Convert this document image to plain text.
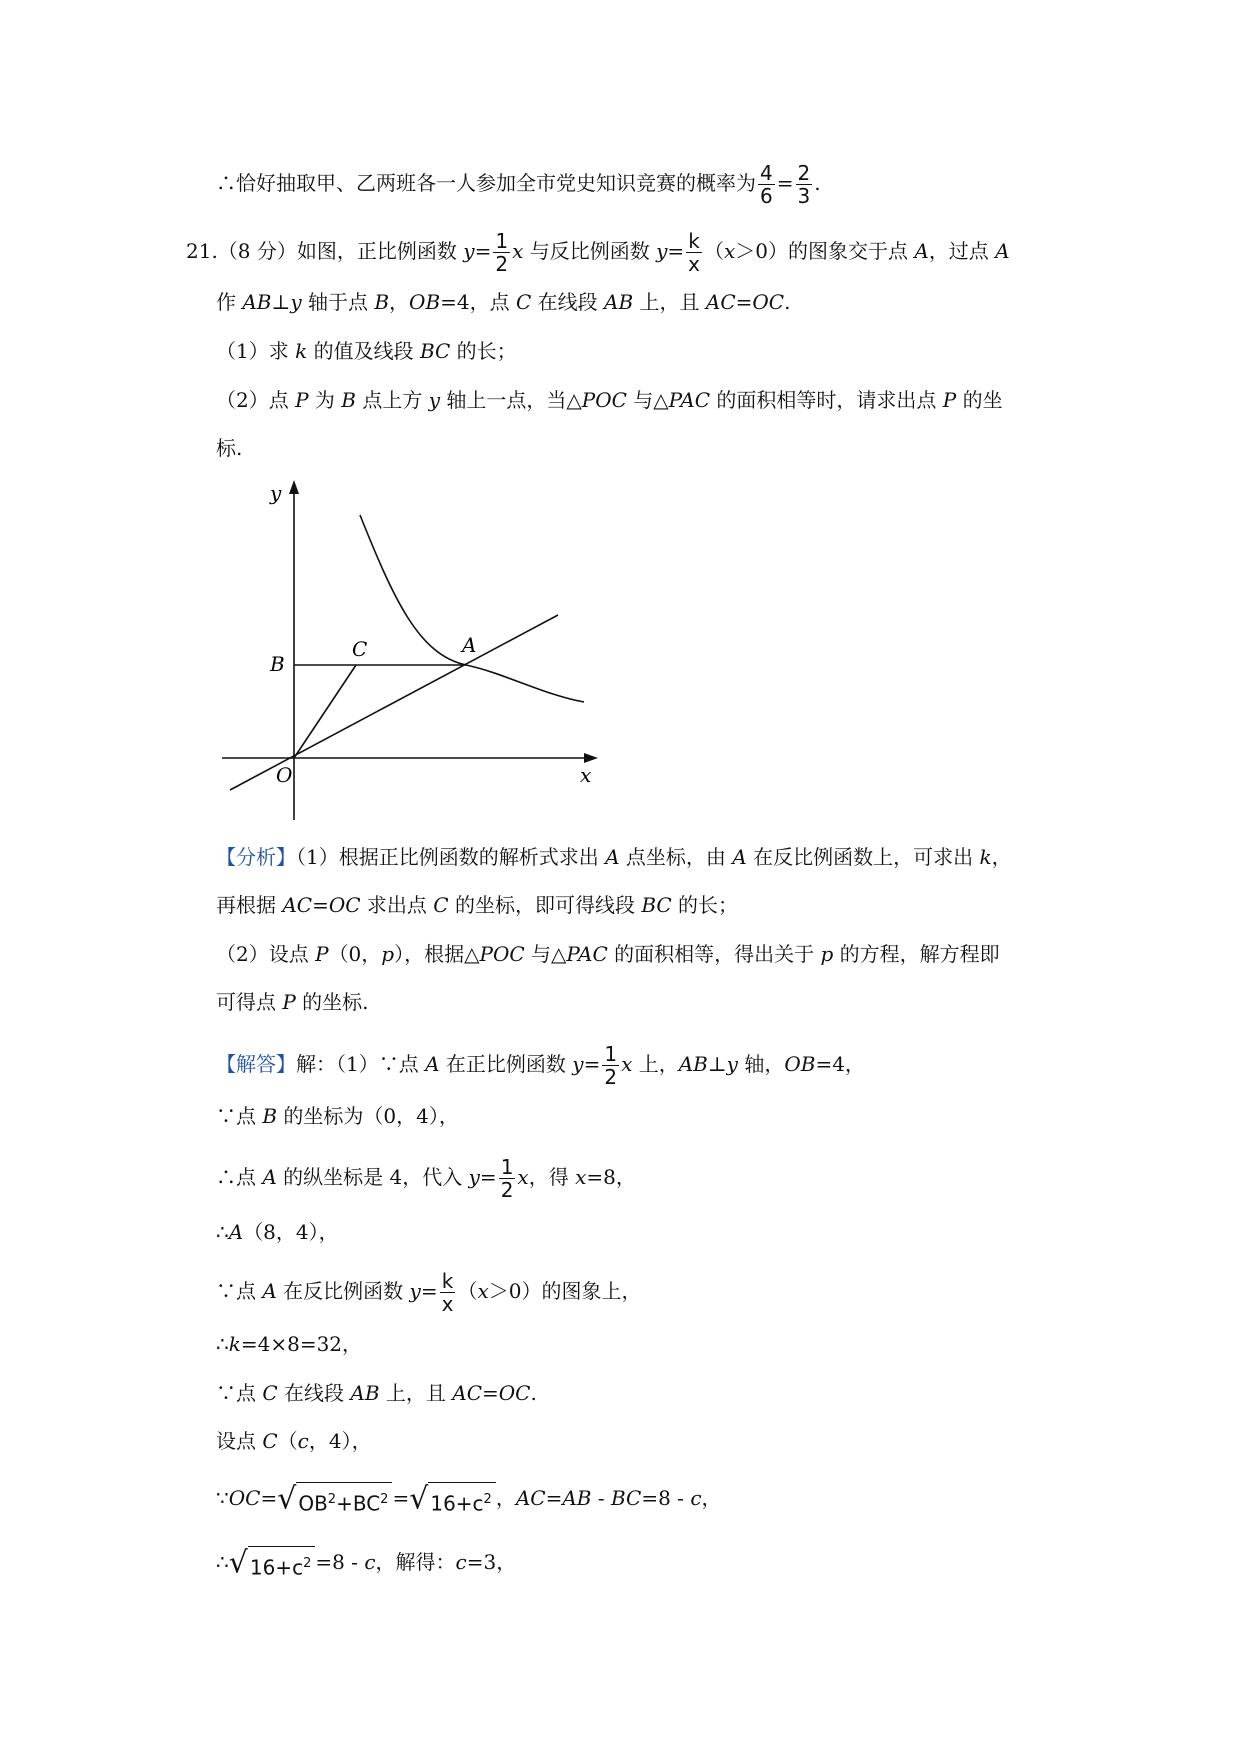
∴恰好抽取甲、乙两班各一人参加全市党史知识竞赛的概率为 $\frac{4}{6} = \frac{2}{3}$ .
21.（8 分）如图，正比例函数 $y= \frac{1}{2}$ x 与反比例函数 $y= \frac{k}{x} (x>0)$的图象交于点 A，过点 A
作 AB⊥y 轴于点 B，OB=4，点 C 在线段 AB 上，且 AC=OC.
（1）求 k 的值及线段 BC 的长；
（2）点 P 为 B 点上方 y 轴上一点，当△POC 与△PAC 的面积相等时，请求出点 P 的坐
标.
y
x
O
B
C	A
【分析】（1）根据正比例函数的解析式求出 A 点坐标，由 A 在反比例函数上，可求出 k，
再根据 AC=OC 求出点 C 的坐标，即可得线段 BC 的长；
（2）设点 P（0，p），根据△POC 与△PAC 的面积相等，得出关于 p 的方程，解方程即
可得点 P 的坐标.
【解答】解：（1）∵点 A 在正比例函数 $y= \frac{1}{2}$ x 上，AB⊥y 轴，OB=4，
∵点 B 的坐标为（0，4），
∴点 A 的纵坐标是 4，代入 $y= \frac{1}{2}$ x，得 x=8，
∴A（8，4），
∵点 A 在反比例函数 $y= \frac{k}{x} (x>0)$的图象上，
∴k=4×8=32，
∵点 C 在线段 AB 上，且 AC=OC.
设点 C（c，4），
∵OC=√ $OB^2+BC^2$ =√ $16+c^2$ ，AC=AB - BC=8 - c，
∴√ $16+c^2 =8 - c$，解得：c=3，
